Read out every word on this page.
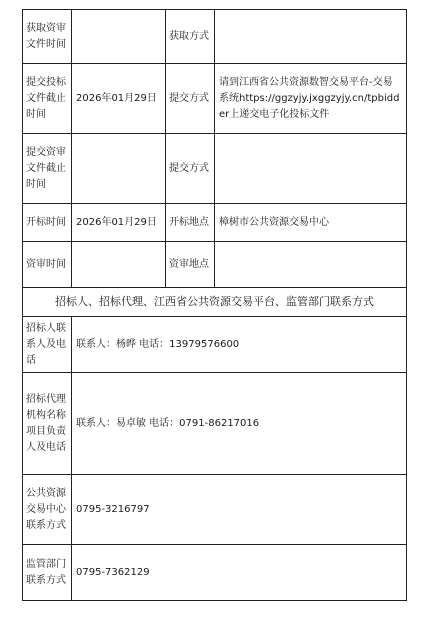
获取资审文件时间		获取方式	
提交投标文件截止时间	2026年01月29日	提交方式	请到江西省公共资源数智交易平台-交易系统https://ggzyjy.jxggzyjy.cn/tpbidder上递交电子化投标文件
提交资审文件截止时间		提交方式	
开标时间	2026年01月29日	开标地点	樟树市公共资源交易中心
资审时间		资审地点	
招标人、招标代理、江西省公共资源交易平台、监管部门联系方式			
招标人联系人及电话	联系人：杨晔 电话：13979576600		
招标代理机构名称项目负责人及电话	联系人：易卓敏 电话：0791-86217016		
公共资源交易中心联系方式	0795-3216797		
监管部门联系方式	0795-7362129		
